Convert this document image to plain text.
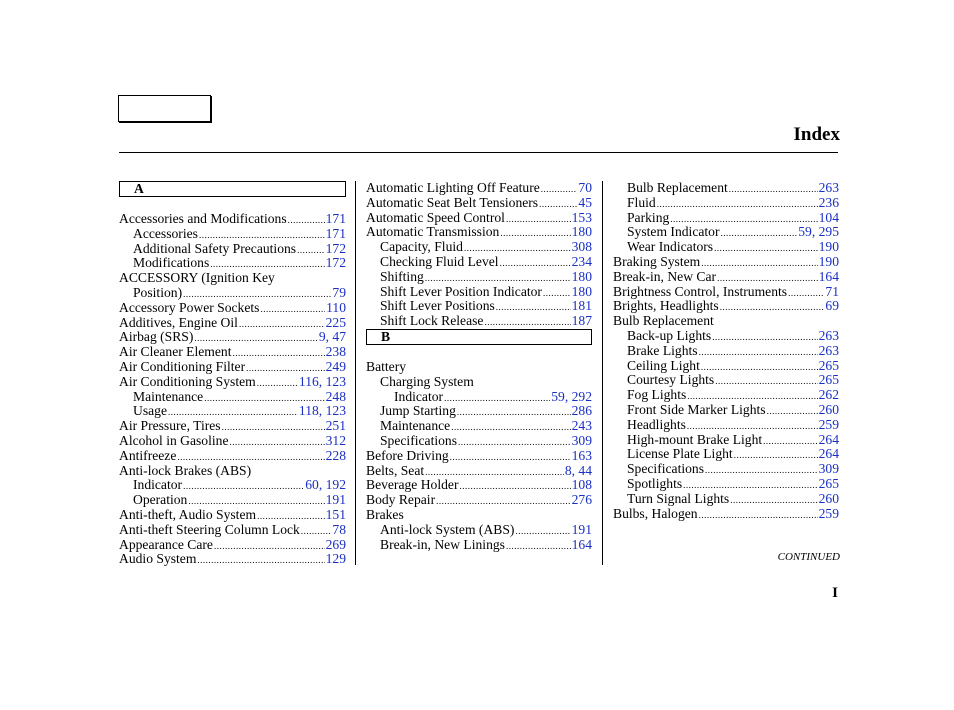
Index
A
Accessories and Modifications .....	171
Accessories .....	171
Additional Safety Precautions ..... 172
Modifications .....	172
ACCESSORY (Ignition Key
Position) .....	79
Accessory Power Sockets .....	110
Additives, Engine Oil .....	225
Airbag (SRS) .....	9, 47
Air Cleaner Element .....	238
Air Conditioning Filter .....	249
Air Conditioning System .....	116, 123
Maintenance .....	248
Usage .....	118, 123
Air Pressure, Tires .....	251
Alcohol in Gasoline .....	312
Antifreeze .....	228
Anti-lock Brakes (ABS)
Indicator .....	60, 192
Operation .....	191
Anti-theft, Audio System .....	151
Anti-theft Steering Column Lock ..... 78
Appearance Care .....	269
Audio System .....	129
Automatic Lighting Off Feature .....	70
Automatic Seat Belt Tensioners .....	45
Automatic Speed Control .....	153
Automatic Transmission .....	180
Capacity, Fluid .....	308
Checking Fluid Level .....	234
Shifting .....	180
Shift Lever Position Indicator ..... 180
Shift Lever Positions .....	181
Shift Lock Release .....	187
B
Battery
Charging System
Indicator .....	59, 292
Jump Starting .....	286
Maintenance .....	243
Specifications .....	309
Before Driving .....	163
Belts, Seat .....	8, 44
Beverage Holder .....	108
Body Repair .....	276
Brakes
Anti-lock System (ABS) .....	191
Break-in, New Linings .....	164
Bulb Replacement .....	263
Fluid .....	236
Parking .....	104
System Indicator .....	59, 295
Wear Indicators .....	190
Braking System .....	190
Break-in, New Car .....	164
Brightness Control, Instruments .....	71
Brights, Headlights .....	69
Bulb Replacement
Back-up Lights .....	263
Brake Lights .....	263
Ceiling Light .....	265
Courtesy Lights .....	265
Fog Lights .....	262
Front Side Marker Lights .....	260
Headlights .....	259
High-mount Brake Light .....	264
License Plate Light .....	264
Specifications .....	309
Spotlights .....	265
Turn Signal Lights .....	260
Bulbs, Halogen .....	259
CONTINUED
I
